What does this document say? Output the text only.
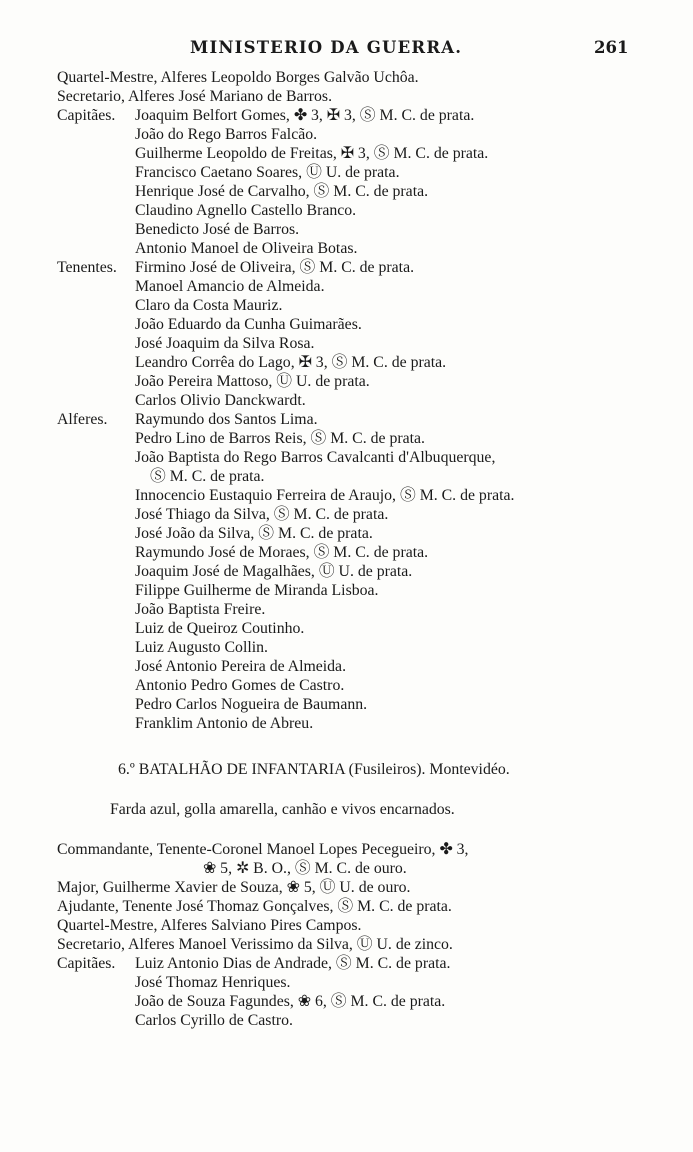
MINISTERIO DA GUERRA.	261
Quartel-Mestre, Alferes Leopoldo Borges Galvão Uchôa.
Secretario, Alferes José Mariano de Barros.
Capitães. Joaquim Belfort Gomes, ✤ 3, ✠ 3, Ⓢ M. C. de prata.
João do Rego Barros Falcão.
Guilherme Leopoldo de Freitas, ✠ 3, Ⓢ M. C. de prata.
Francisco Caetano Soares, Ⓤ U. de prata.
Henrique José de Carvalho, Ⓢ M. C. de prata.
Claudino Agnello Castello Branco.
Benedicto José de Barros.
Antonio Manoel de Oliveira Botas.
Tenentes. Firmino José de Oliveira, Ⓢ M. C. de prata.
Manoel Amancio de Almeida.
Claro da Costa Mauriz.
João Eduardo da Cunha Guimarães.
José Joaquim da Silva Rosa.
Leandro Corrêa do Lago, ✠ 3, Ⓢ M. C. de prata.
João Pereira Mattoso, Ⓤ U. de prata.
Carlos Olivio Danckwardt.
Alferes. Raymundo dos Santos Lima.
Pedro Lino de Barros Reis, Ⓢ M. C. de prata.
João Baptista do Rego Barros Cavalcanti d'Albuquerque,
Ⓢ M. C. de prata.
Innocencio Eustaquio Ferreira de Araujo, Ⓢ M. C. de prata.
José Thiago da Silva, Ⓢ M. C. de prata.
José João da Silva, Ⓢ M. C. de prata.
Raymundo José de Moraes, Ⓢ M. C. de prata.
Joaquim José de Magalhães, Ⓤ U. de prata.
Filippe Guilherme de Miranda Lisboa.
João Baptista Freire.
Luiz de Queiroz Coutinho.
Luiz Augusto Collin.
José Antonio Pereira de Almeida.
Antonio Pedro Gomes de Castro.
Pedro Carlos Nogueira de Baumann.
Franklim Antonio de Abreu.
6.º BATALHÃO DE INFANTARIA (Fusileiros). Montevidéo.
Farda azul, golla amarella, canhão e vivos encarnados.
Commandante, Tenente-Coronel Manoel Lopes Pecegueiro, ✤ 3,
❀ 5, ✲ B. O., Ⓢ M. C. de ouro.
Major, Guilherme Xavier de Souza, ❀ 5, Ⓤ U. de ouro.
Ajudante, Tenente José Thomaz Gonçalves, Ⓢ M. C. de prata.
Quartel-Mestre, Alferes Salviano Pires Campos.
Secretario, Alferes Manoel Verissimo da Silva, Ⓤ U. de zinco.
Capitães. Luiz Antonio Dias de Andrade, Ⓢ M. C. de prata.
José Thomaz Henriques.
João de Souza Fagundes, ❀ 6, Ⓢ M. C. de prata.
Carlos Cyrillo de Castro.
